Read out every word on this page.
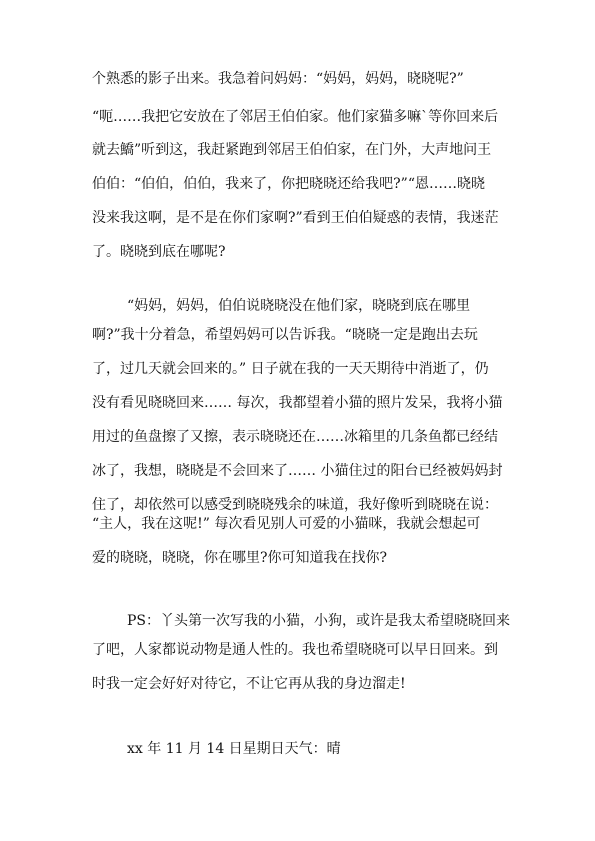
个熟悉的影子出来。我急着问妈妈：“妈妈，妈妈，晓晓呢?”
“呃……我把它安放在了邻居王伯伯家。他们家猫多嘛`等你回来后
就去鱎”听到这，我赶紧跑到邻居王伯伯家，在门外，大声地问王
伯伯：“伯伯，伯伯，我来了，你把晓晓还给我吧?”“恩……晓晓
没来我这啊，是不是在你们家啊?”看到王伯伯疑惑的表情，我迷茫
了。晓晓到底在哪呢?
“妈妈，妈妈，伯伯说晓晓没在他们家，晓晓到底在哪里
啊?”我十分着急，希望妈妈可以告诉我。“晓晓一定是跑出去玩
了，过几天就会回来的。” 日子就在我的一天天期待中消逝了，仍
没有看见晓晓回来…… 每次，我都望着小猫的照片发呆，我将小猫
用过的鱼盘擦了又擦，表示晓晓还在……冰箱里的几条鱼都已经结
冰了，我想，晓晓是不会回来了…… 小猫住过的阳台已经被妈妈封
住了，却依然可以感受到晓晓残余的味道，我好像听到晓晓在说：
“主人，我在这呢!” 每次看见别人可爱的小猫咪，我就会想起可
爱的晓晓，晓晓，你在哪里?你可知道我在找你?
PS：丫头第一次写我的小猫，小狗，或许是我太希望晓晓回来
了吧，人家都说动物是通人性的。我也希望晓晓可以早日回来。到
时我一定会好好对待它，不让它再从我的身边溜走!
xx 年 11 月 14 日星期日天气：晴
